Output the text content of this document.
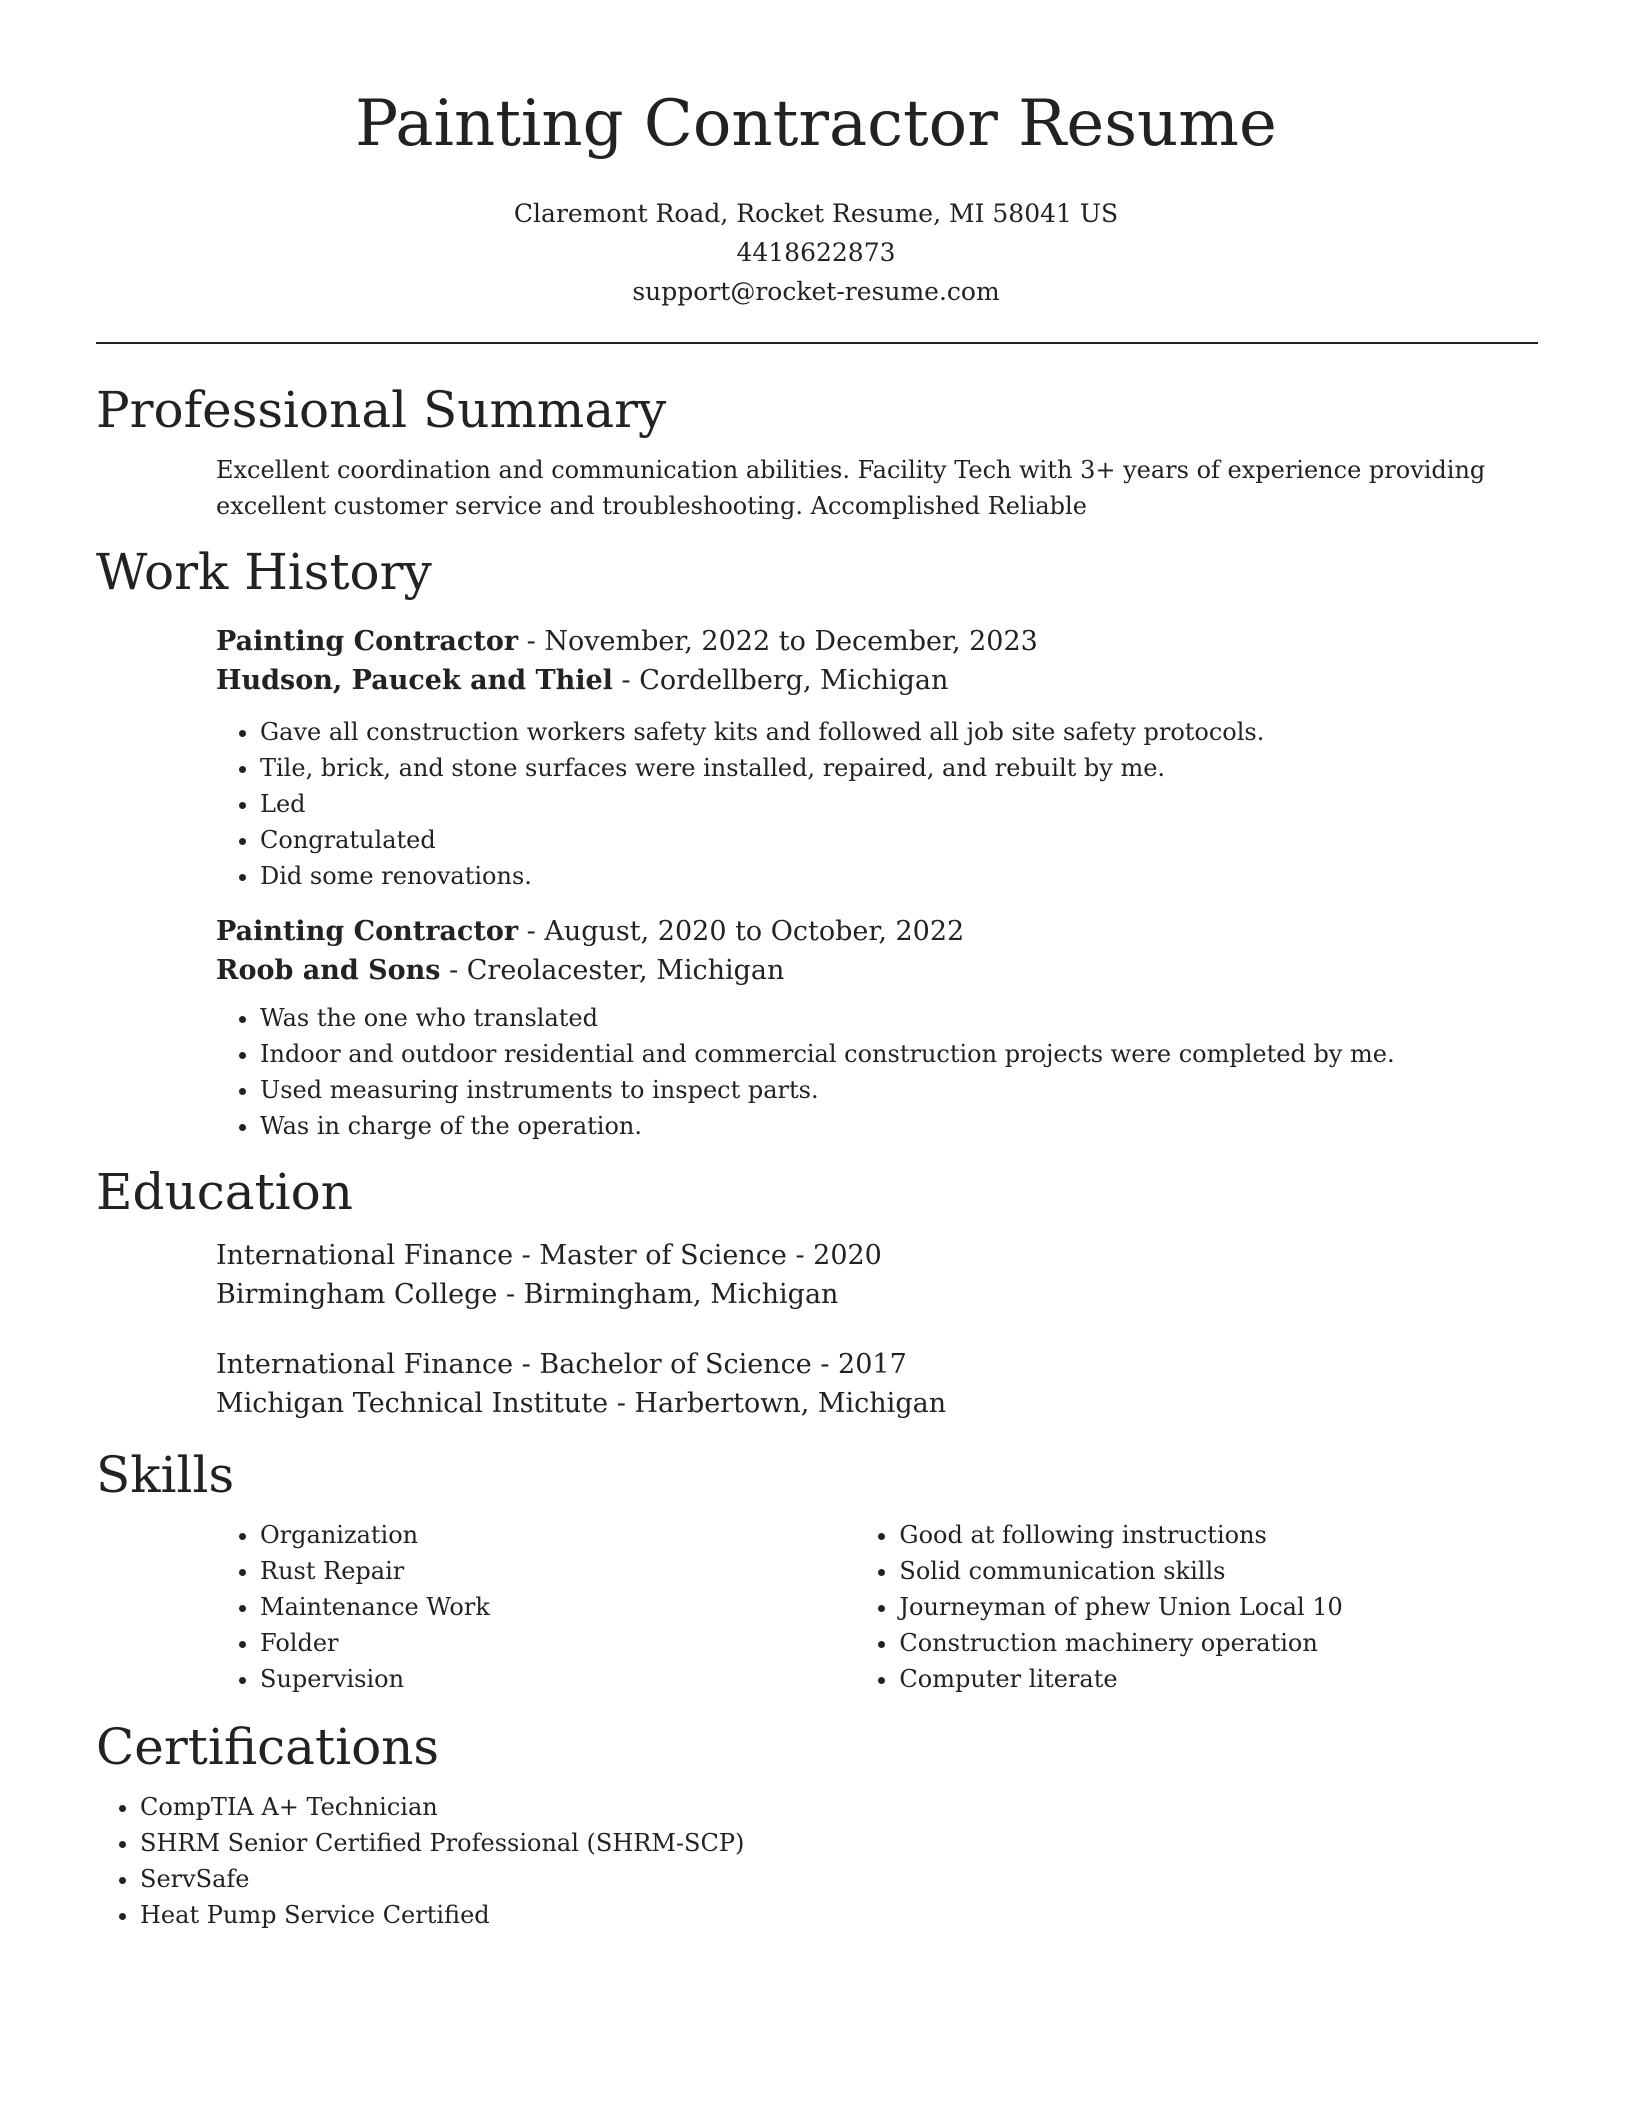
Painting Contractor Resume
Claremont Road, Rocket Resume, MI 58041 US
4418622873
support@rocket-resume.com
Professional Summary

Excellent coordination and communication abilities. Facility Tech with 3+ years of experience providing excellent customer service and troubleshooting. Accomplished Reliable

Work History
Painting Contractor - November, 2022 to December, 2023
Hudson, Paucek and Thiel - Cordellberg, Michigan
• Gave all construction workers safety kits and followed all job site safety protocols.
• Tile, brick, and stone surfaces were installed, repaired, and rebuilt by me.
• Led
• Congratulated
• Did some renovations.
Painting Contractor - August, 2020 to October, 2022
Roob and Sons - Creolacester, Michigan
• Was the one who translated
• Indoor and outdoor residential and commercial construction projects were completed by me.
• Used measuring instruments to inspect parts.
• Was in charge of the operation.
Education
International Finance - Master of Science - 2020
Birmingham College - Birmingham, Michigan
International Finance - Bachelor of Science - 2017
Michigan Technical Institute - Harbertown, Michigan
Skills
• Organization
• Rust Repair
• Maintenance Work
• Folder
• Supervision
• Good at following instructions
• Solid communication skills
• Journeyman of phew Union Local 10
• Construction machinery operation
• Computer literate
Certifications
• CompTIA A+ Technician
• SHRM Senior Certified Professional (SHRM-SCP)
• ServSafe
• Heat Pump Service Certified
